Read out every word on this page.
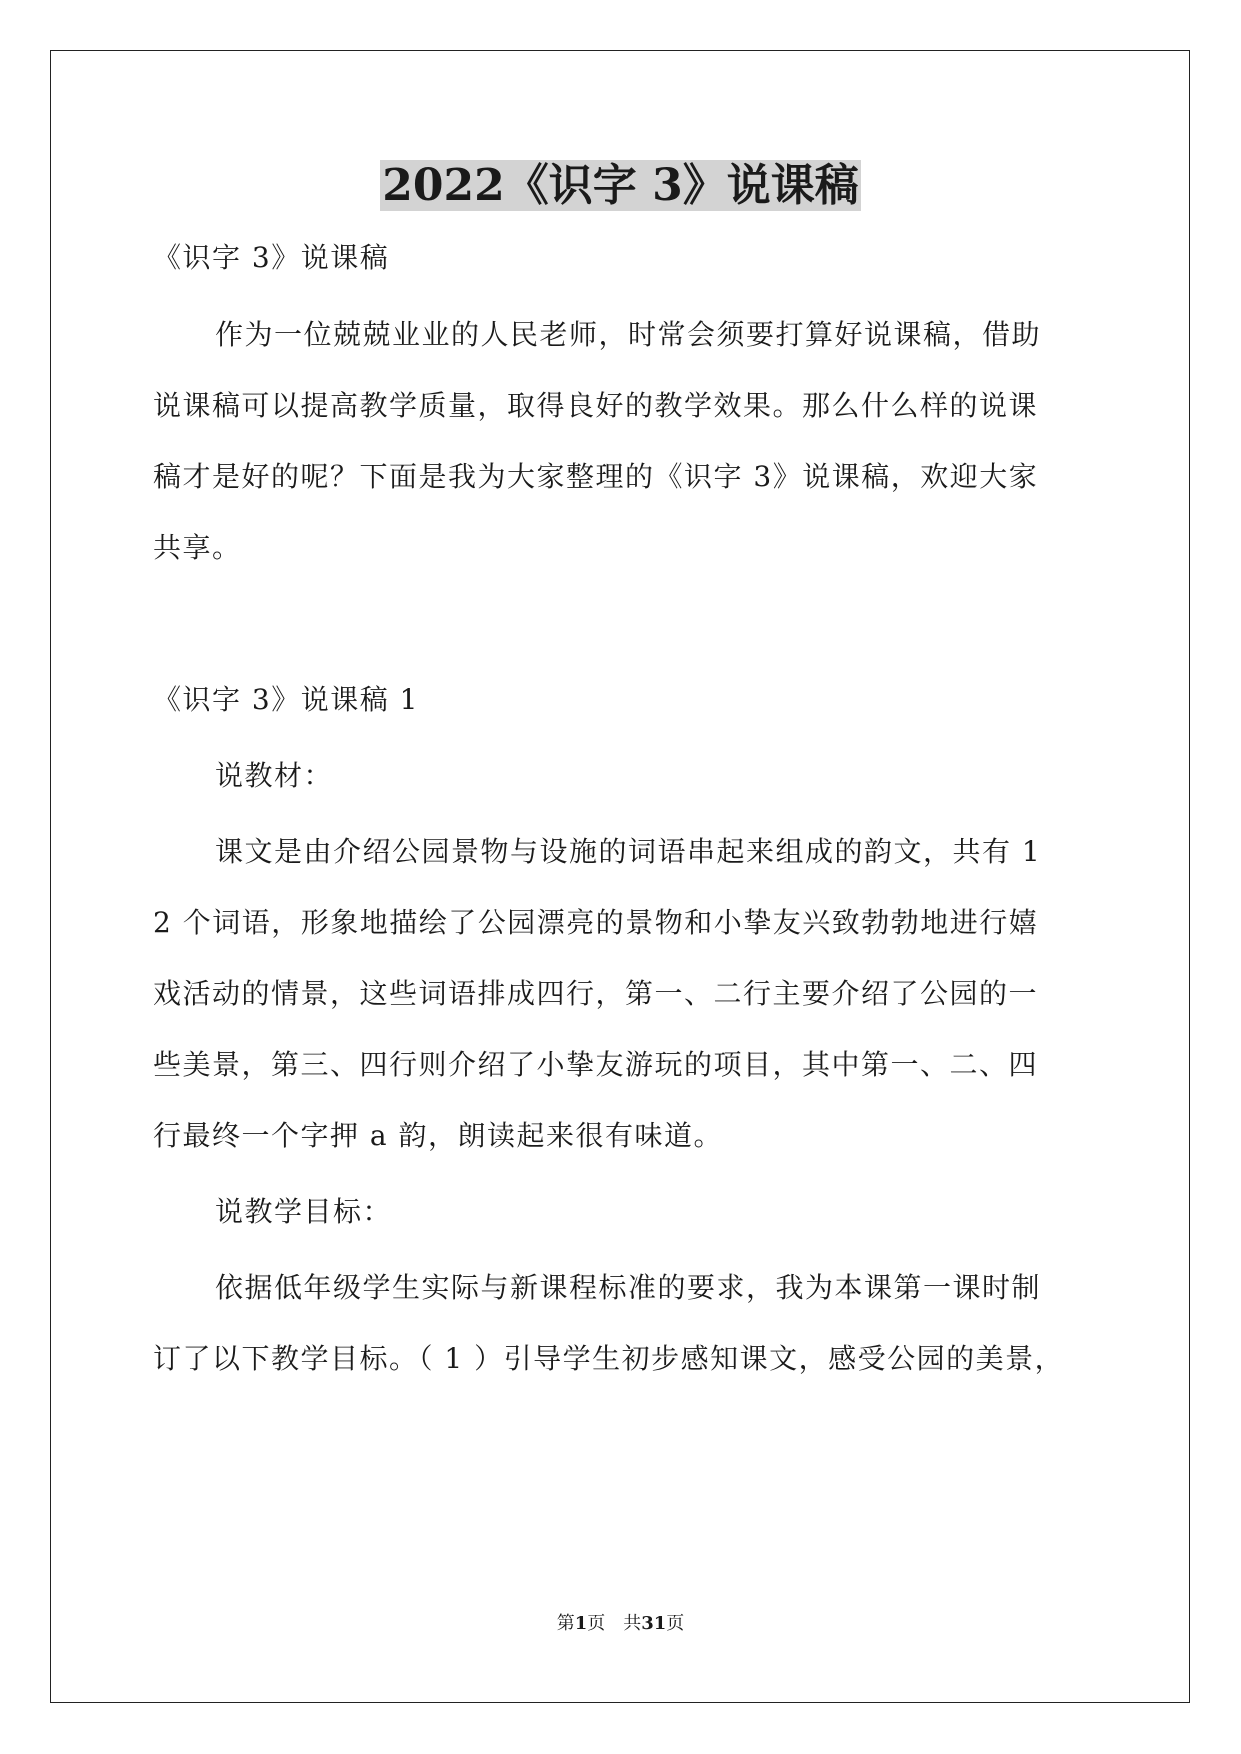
2022《识字 3》说课稿
《识字 3》说课稿
作为一位兢兢业业的人民老师，时常会须要打算好说课稿，借助
说课稿可以提高教学质量，取得良好的教学效果。那么什么样的说课
稿才是好的呢？下面是我为大家整理的《识字 3》说课稿，欢迎大家
共享。
《识字 3》说课稿 1
说教材：
课文是由介绍公园景物与设施的词语串起来组成的韵文，共有 1
2 个词语，形象地描绘了公园漂亮的景物和小挚友兴致勃勃地进行嬉
戏活动的情景，这些词语排成四行，第一、二行主要介绍了公园的一
些美景，第三、四行则介绍了小挚友游玩的项目，其中第一、二、四
行最终一个字押 a 韵，朗读起来很有味道。
说教学目标：
依据低年级学生实际与新课程标准的要求，我为本课第一课时制
订了以下教学目标。（ 1 ）引导学生初步感知课文，感受公园的美景，
第1页　共31页
